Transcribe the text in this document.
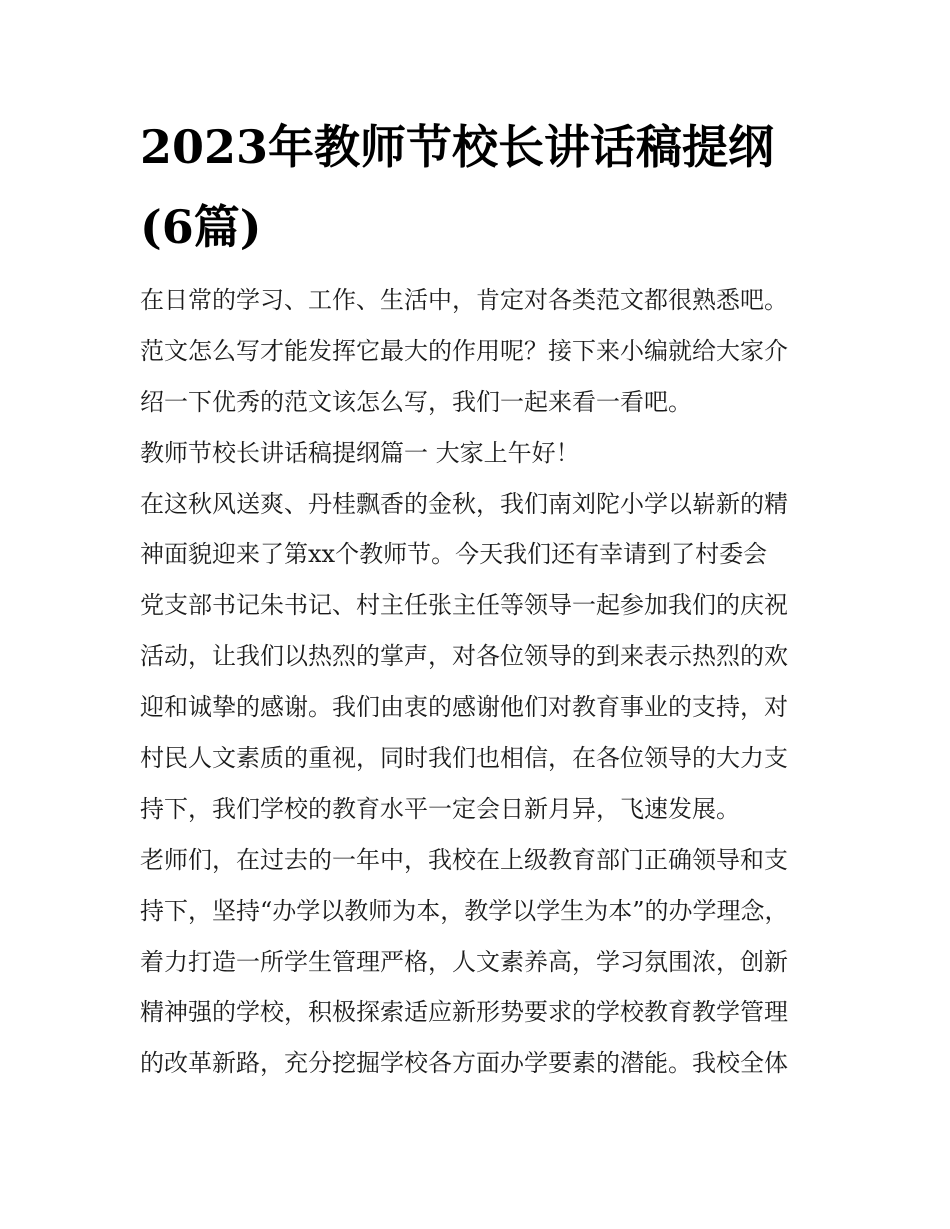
2023年教师节校长讲话稿提纲
(6篇)
在日常的学习、工作、生活中，肯定对各类范文都很熟悉吧。
范文怎么写才能发挥它最大的作用呢？接下来小编就给大家介
绍一下优秀的范文该怎么写，我们一起来看一看吧。
教师节校长讲话稿提纲篇一 大家上午好！
在这秋风送爽、丹桂飘香的金秋，我们南刘陀小学以崭新的精
神面貌迎来了第xx个教师节。今天我们还有幸请到了村委会
党支部书记朱书记、村主任张主任等领导一起参加我们的庆祝
活动，让我们以热烈的掌声，对各位领导的到来表示热烈的欢
迎和诚挚的感谢。我们由衷的感谢他们对教育事业的支持，对
村民人文素质的重视，同时我们也相信，在各位领导的大力支
持下，我们学校的教育水平一定会日新月异，飞速发展。
老师们，在过去的一年中，我校在上级教育部门正确领导和支
持下，坚持“办学以教师为本，教学以学生为本”的办学理念，
着力打造一所学生管理严格，人文素养高，学习氛围浓，创新
精神强的学校，积极探索适应新形势要求的学校教育教学管理
的改革新路，充分挖掘学校各方面办学要素的潜能。我校全体
